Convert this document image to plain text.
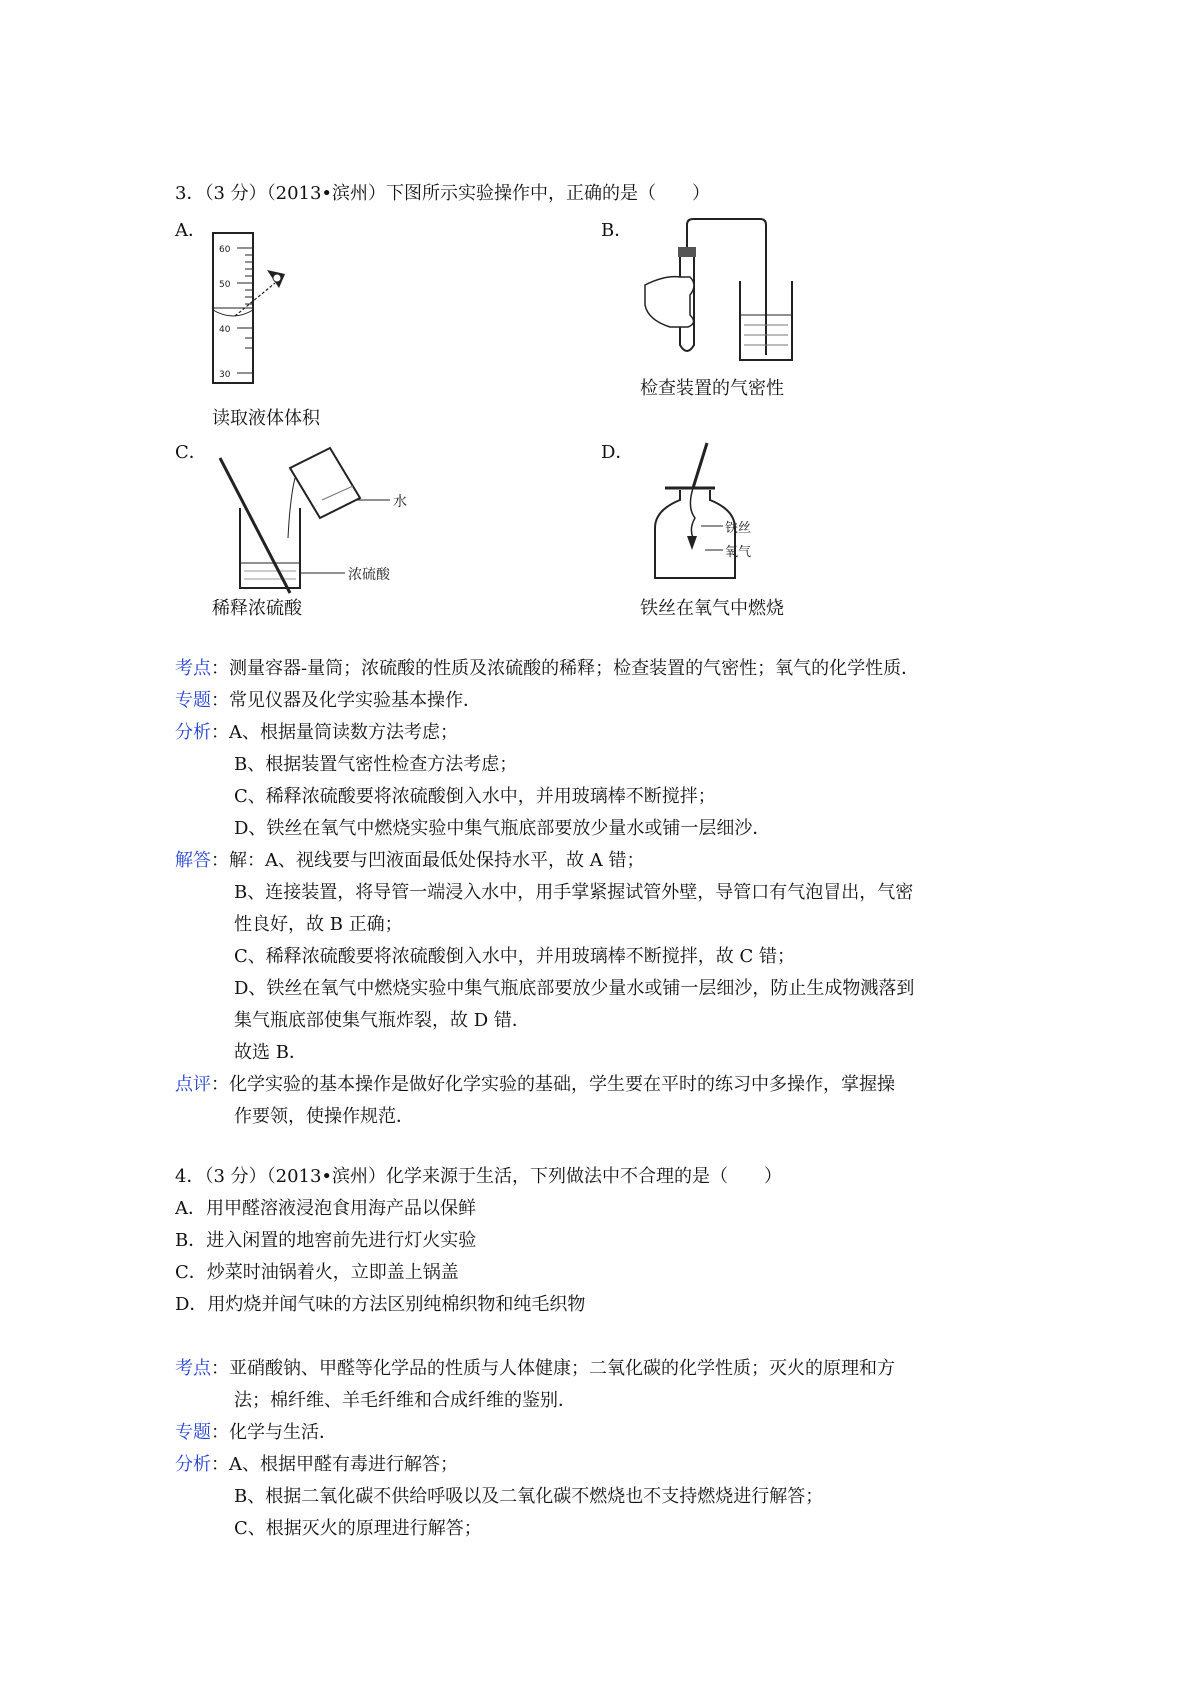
3．（3 分）（2013•滨州）下图所示实验操作中，正确的是（　　）
A．
60
50
40
30
读取液体体积
B．
检查装置的气密性
C．
水
浓硫酸
稀释浓硫酸
D．
铁丝
氧气
铁丝在氧气中燃烧
考点：测量容器-量筒；浓硫酸的性质及浓硫酸的稀释；检查装置的气密性；氧气的化学性质．
专题：常见仪器及化学实验基本操作．
分析：A、根据量筒读数方法考虑；
B、根据装置气密性检查方法考虑；
C、稀释浓硫酸要将浓硫酸倒入水中，并用玻璃棒不断搅拌；
D、铁丝在氧气中燃烧实验中集气瓶底部要放少量水或铺一层细沙．
解答：解：A、视线要与凹液面最低处保持水平，故 A 错；
B、连接装置，将导管一端浸入水中，用手掌紧握试管外壁，导管口有气泡冒出，气密
性良好，故 B 正确；
C、稀释浓硫酸要将浓硫酸倒入水中，并用玻璃棒不断搅拌，故 C 错；
D、铁丝在氧气中燃烧实验中集气瓶底部要放少量水或铺一层细沙，防止生成物溅落到
集气瓶底部使集气瓶炸裂，故 D 错．
故选 B．
点评：化学实验的基本操作是做好化学实验的基础，学生要在平时的练习中多操作，掌握操
作要领，使操作规范．
4．（3 分）（2013•滨州）化学来源于生活，下列做法中不合理的是（　　）
A．用甲醛溶液浸泡食用海产品以保鲜
B．进入闲置的地窖前先进行灯火实验
C．炒菜时油锅着火，立即盖上锅盖
D．用灼烧并闻气味的方法区别纯棉织物和纯毛织物
考点：亚硝酸钠、甲醛等化学品的性质与人体健康；二氧化碳的化学性质；灭火的原理和方
法；棉纤维、羊毛纤维和合成纤维的鉴别．
专题：化学与生活．
分析：A、根据甲醛有毒进行解答；
B、根据二氧化碳不供给呼吸以及二氧化碳不燃烧也不支持燃烧进行解答；
C、根据灭火的原理进行解答；
